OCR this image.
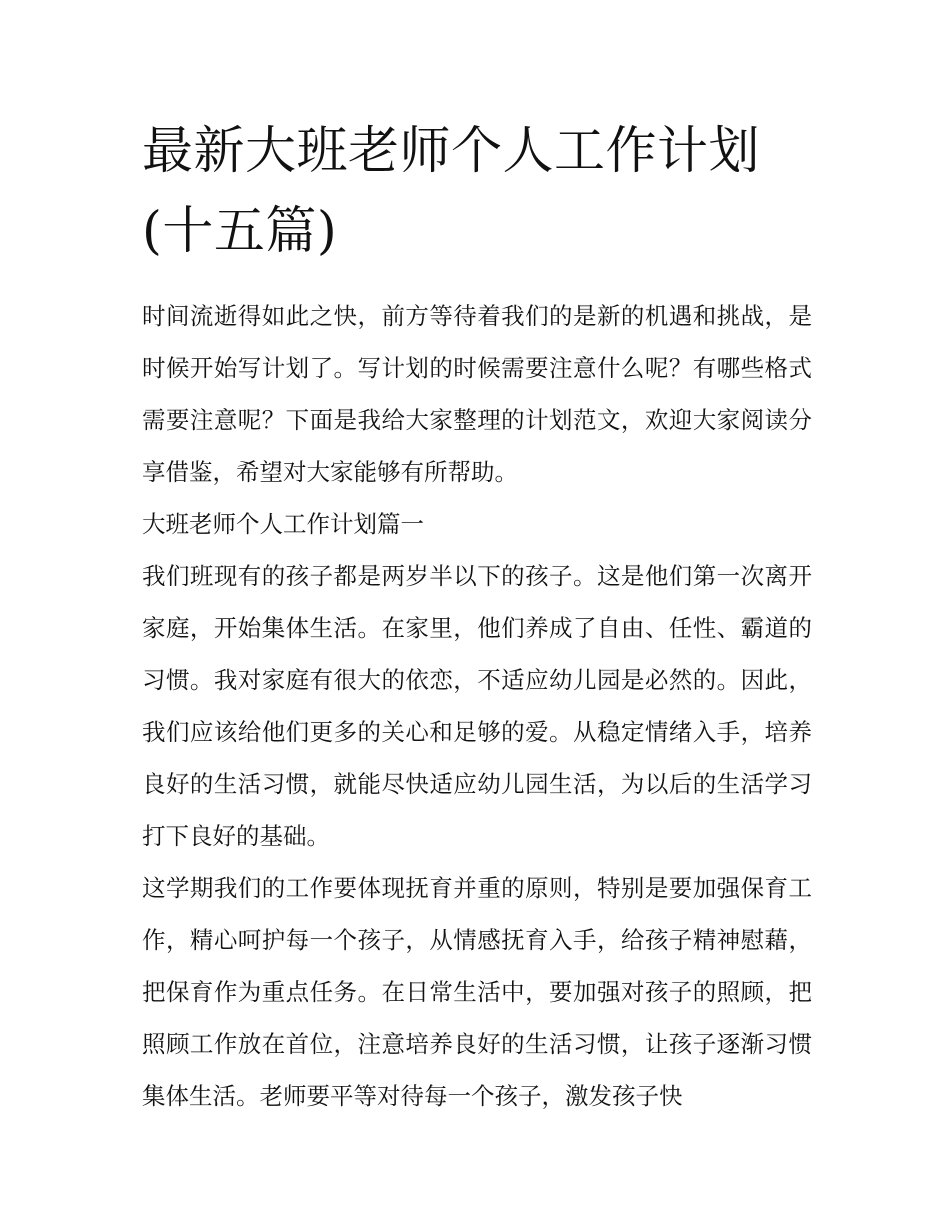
最新大班老师个人工作计划(十五篇)

时间流逝得如此之快，前方等待着我们的是新的机遇和挑战，是时候开始写计划了。写计划的时候需要注意什么呢？有哪些格式需要注意呢？下面是我给大家整理的计划范文，欢迎大家阅读分享借鉴，希望对大家能够有所帮助。

大班老师个人工作计划篇一

我们班现有的孩子都是两岁半以下的孩子。这是他们第一次离开家庭，开始集体生活。在家里，他们养成了自由、任性、霸道的习惯。我对家庭有很大的依恋，不适应幼儿园是必然的。因此，我们应该给他们更多的关心和足够的爱。从稳定情绪入手，培养良好的生活习惯，就能尽快适应幼儿园生活，为以后的生活学习打下良好的基础。

这学期我们的工作要体现抚育并重的原则，特别是要加强保育工作，精心呵护每一个孩子，从情感抚育入手，给孩子精神慰藉，把保育作为重点任务。在日常生活中，要加强对孩子的照顾，把照顾工作放在首位，注意培养良好的生活习惯，让孩子逐渐习惯集体生活。老师要平等对待每一个孩子，激发孩子快
